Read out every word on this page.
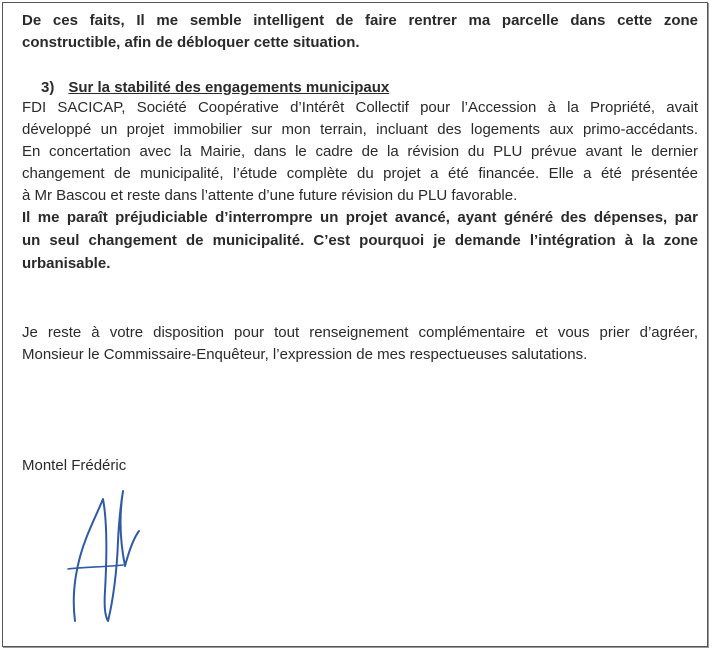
De ces faits, Il me semble intelligent de faire rentrer ma parcelle dans cette zone
constructible, afin de débloquer cette situation.
3) Sur la stabilité des engagements municipaux
FDI SACICAP, Société Coopérative d’Intérêt Collectif pour l’Accession à la Propriété, avait
développé un projet immobilier sur mon terrain, incluant des logements aux primo-accédants.
En concertation avec la Mairie, dans le cadre de la révision du PLU prévue avant le dernier
changement de municipalité, l’étude complète du projet a été financée. Elle a été présentée
à Mr Bascou et reste dans l’attente d’une future révision du PLU favorable.
Il me paraît préjudiciable d’interrompre un projet avancé, ayant généré des dépenses, par
un seul changement de municipalité. C’est pourquoi je demande l’intégration à la zone
urbanisable.
Je reste à votre disposition pour tout renseignement complémentaire et vous prier d’agréer,
Monsieur le Commissaire-Enquêteur, l’expression de mes respectueuses salutations.
Montel Frédéric
